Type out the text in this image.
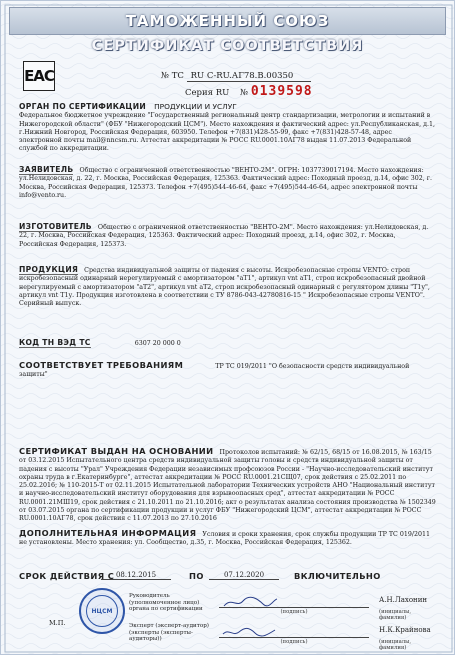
ТАМОЖЕННЫЙ СОЮЗ
СЕРТИФИКАТ СООТВЕТСТВИЯ
EAC	№ ТС RU C-RU.АГ78.В.00350
Серия RU № 0139598
ОРГАН ПО СЕРТИФИКАЦИИ ПРОДУКЦИИ И УСЛУГ
Федеральное бюджетное учреждение "Государственный региональный центр стандартизации, метрологии и испытаний в Нижегородской области" (ФБУ "Нижегородский ЦСМ"). Место нахождения и фактический адрес: ул.Республиканская, д.1, г.Нижний Новгород, Российская Федерация, 603950. Телефон +7(831)428-55-99, факс +7(831)428-57-48, адрес электронной почты mail@nncsm.ru. Аттестат аккредитации № РОСС RU.0001.10АГ78 выдан 11.07.2013 Федеральной службой по аккредитации.
ЗАЯВИТЕЛЬ Общество с ограниченной ответственностью "ВЕНТО-2М". ОГРН: 1037739017194. Место нахождения: ул.Нелидовская, д. 22, г. Москва, Российская Федерация, 125363. Фактический адрес: Походный проезд, д.14, офис 302, г. Москва, Российская Федерация, 125373. Телефон +7(495)544-46-64, факс +7(495)544-46-64, адрес электронной почты info@vento.ru.
ИЗГОТОВИТЕЛЬ Общество с ограниченной ответственностью "ВЕНТО-2М". Место нахождения: ул.Нелидовская, д. 22, г. Москва, Российская Федерация, 125363. Фактический адрес: Походный проезд, д.14, офис 302, г. Москва, Российская Федерация, 125373.
ПРОДУКЦИЯ Средства индивидуальной защиты от падения с высоты. Искробезопасные стропы VENTO: строп искробезопасный одинарный нерегулируемый с амортизатором "аТ1", артикул vnt аТ1, строп искробезопасный двойной нерегулируемый с амортизатором "аТ2", артикул vnt аТ2, строп искробезопасный одинарный с регулятором длины "Т1у", артикул vnt Т1у. Продукция изготовлена в соответствии с ТУ 8786-043-42780816-15 " Искробезопасные стропы VENTO". Серийный выпуск.
КОД ТН ВЭД ТС	6307 20 000 0
СООТВЕТСТВУЕТ ТРЕБОВАНИЯМ	ТР ТС 019/2011 "О безопасности средств индивидуальной защиты"
СЕРТИФИКАТ ВЫДАН НА ОСНОВАНИИ Протоколов испытаний: № 62/15, 68/15 от 16.08.2015, № 163/15 от 03.12.2015 Испытательного центра средств индивидуальной защиты головы и средств индивидуальной защиты от падения с высоты "Урал" Учреждения Федерации независимых профсоюзов России - "Научно-исследовательский институт охраны труда в г.Екатеринбурге", аттестат аккредитации № РОСС RU.0001.21СЩ07, срок действия с 25.02.2011 по 25.02.2016; № 110-2015-Т от 02.11.2015 Испытательной лаборатории Технических устройств АНО "Национальный институт и научно-исследовательский институт оборудования для взрывоопасных сред", аттестат аккредитации № РОСС RU.0001.21МШ19, срок действия с 21.10.2011 по 21.10.2016; акт о результатах анализа состояния производства № 1502349 от 03.07.2015 органа по сертификации продукции и услуг ФБУ "Нижегородский ЦСМ", аттестат аккредитации № РОСС RU.0001.10АГ78, срок действия с 11.07.2013 по 27.10.2016
ДОПОЛНИТЕЛЬНАЯ ИНФОРМАЦИЯ Условия и сроки хранения, срок службы продукции ТР ТС 019/2011 не установлены. Место хранения: ул. Сообщество, д.35, г. Москва, Российская Федерация, 125362.
СРОК ДЕЙСТВИЯ С 08.12.2015	ПО	07.12.2020	ВКЛЮЧИТЕЛЬНО
НЦСМ
М.П.
Руководитель (уполномоченное лицо) органа по сертификации	(подпись)
А.Н.Лахонин
(инициалы, фамилия)
Эксперт (эксперт-аудитор) (эксперты (эксперты-аудиторы))	(подпись)
Н.К.Крайнова
(инициалы, фамилия)
